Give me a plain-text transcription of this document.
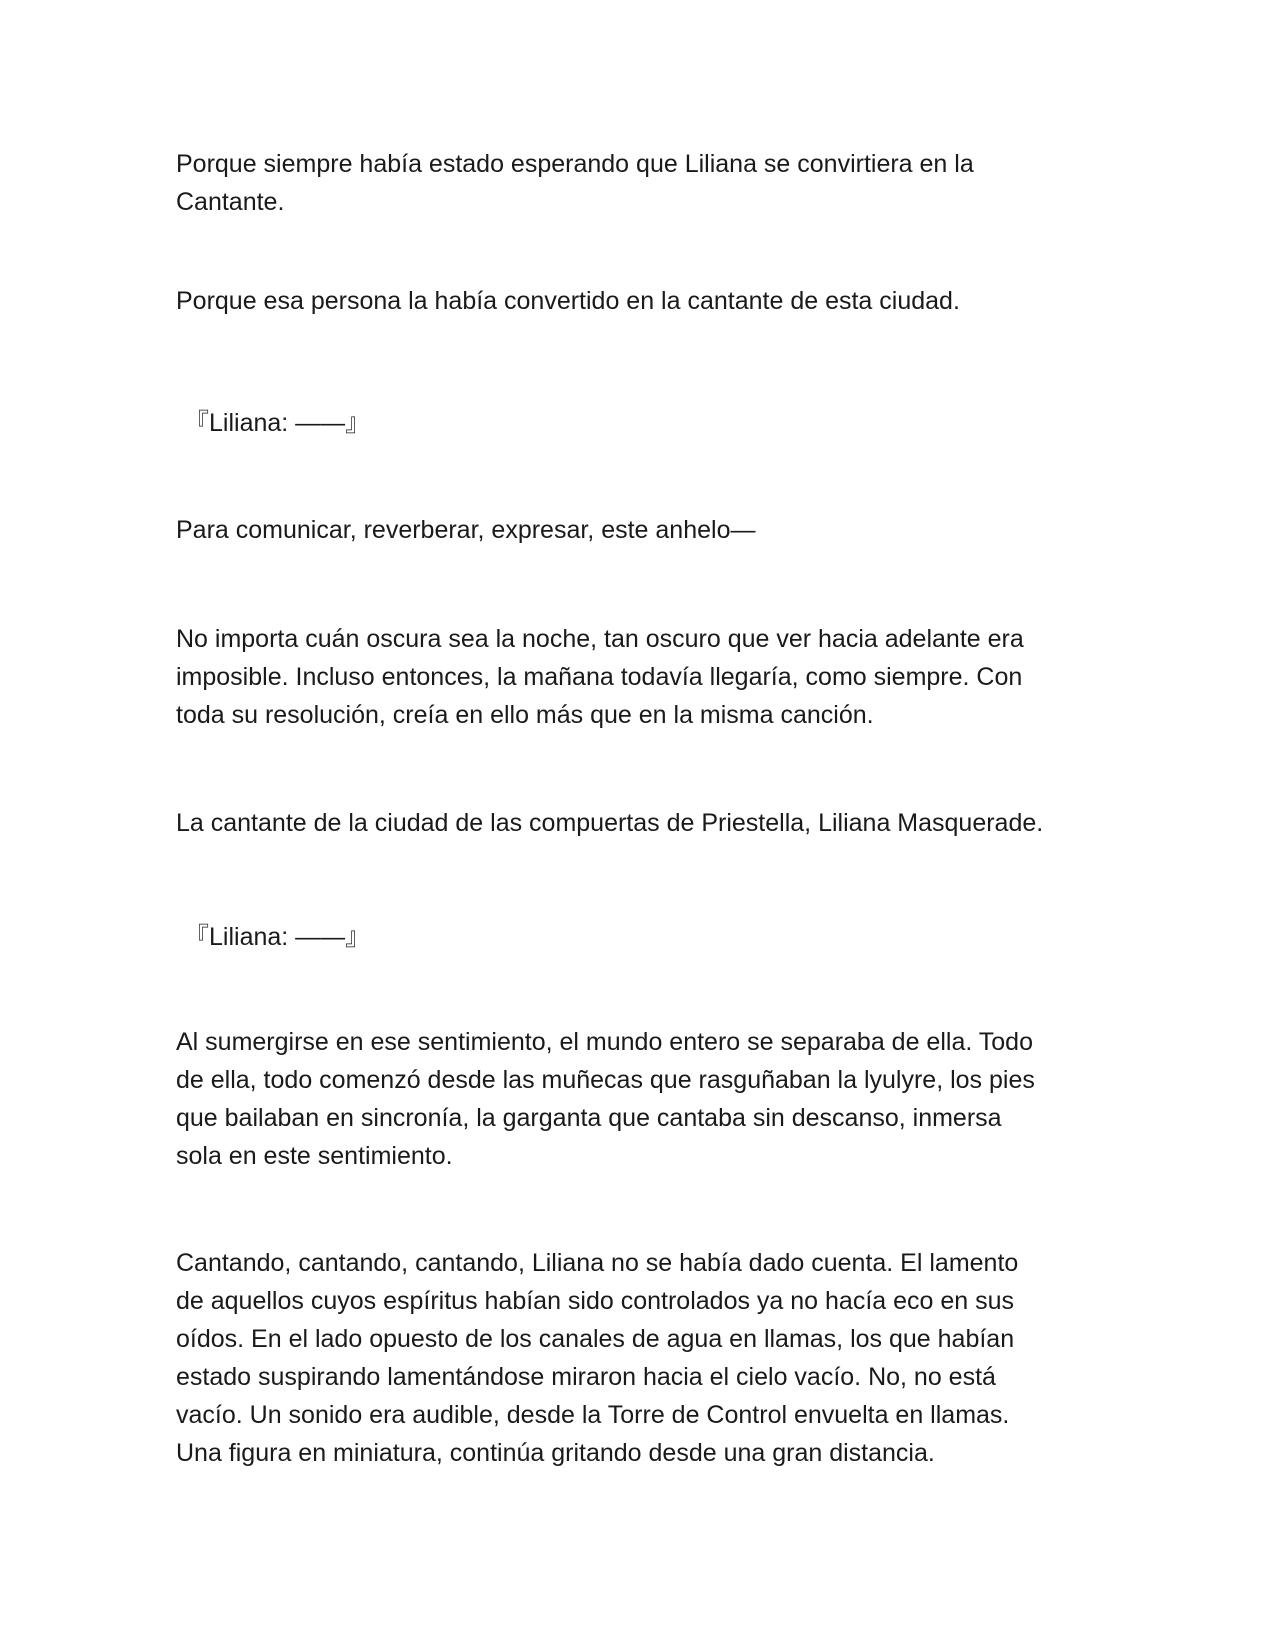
Porque siempre había estado esperando que Liliana se convirtiera en la
Cantante.

Porque esa persona la había convertido en la cantante de esta ciudad.

『Liliana: ——』

Para comunicar, reverberar, expresar, este anhelo—

No importa cuán oscura sea la noche, tan oscuro que ver hacia adelante era
imposible. Incluso entonces, la mañana todavía llegaría, como siempre. Con
toda su resolución, creía en ello más que en la misma canción.

La cantante de la ciudad de las compuertas de Priestella, Liliana Masquerade.

『Liliana: ——』

Al sumergirse en ese sentimiento, el mundo entero se separaba de ella. Todo
de ella, todo comenzó desde las muñecas que rasguñaban la lyulyre, los pies
que bailaban en sincronía, la garganta que cantaba sin descanso, inmersa
sola en este sentimiento.

Cantando, cantando, cantando, Liliana no se había dado cuenta. El lamento
de aquellos cuyos espíritus habían sido controlados ya no hacía eco en sus
oídos. En el lado opuesto de los canales de agua en llamas, los que habían
estado suspirando lamentándose miraron hacia el cielo vacío. No, no está
vacío. Un sonido era audible, desde la Torre de Control envuelta en llamas.
Una figura en miniatura, continúa gritando desde una gran distancia.
